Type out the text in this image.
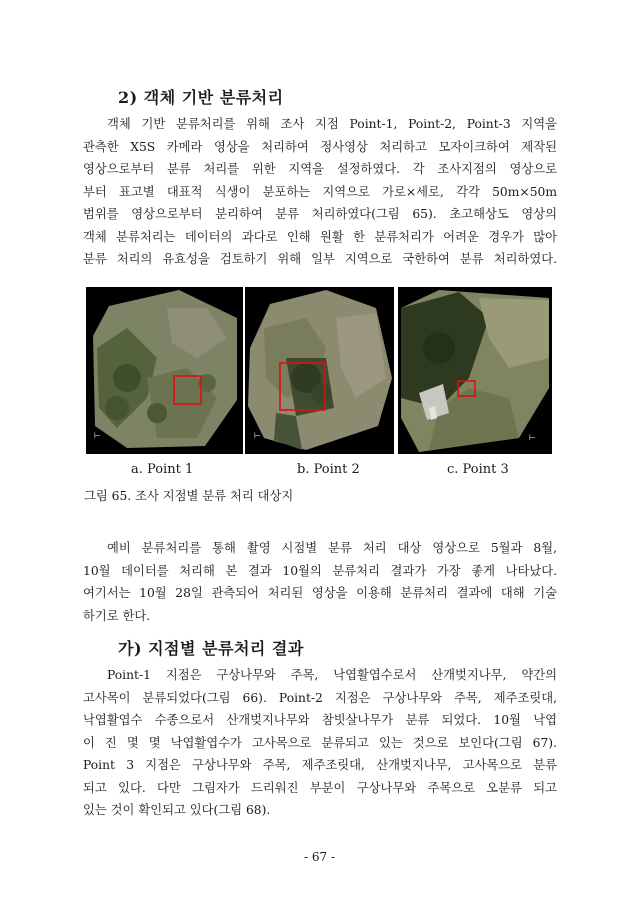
2) 객체 기반 분류처리
객체 기반 분류처리를 위해 조사 지점 Point-1, Point-2, Point-3 지역을
관측한 X5S 카메라 영상을 처리하여 정사영상 처리하고 모자이크하여 제작된
영상으로부터 분류 처리를 위한 지역을 설정하였다. 각 조사지점의 영상으로
부터 표고별 대표적 식생이 분포하는 지역으로 가로×세로, 각각 50m×50m
범위를 영상으로부터 분리하여 분류 처리하였다(그림 65). 초고해상도 영상의
객체 분류처리는 데이터의 과다로 인해 원활 한 분류처리가 어려운 경우가 많아
분류 처리의 유효성을 검토하기 위해 일부 지역으로 국한하여 분류 처리하였다.
⊢	⊢	⊢
a. Point 1	b. Point 2	c. Point 3
그림 65. 조사 지점별 분류 처리 대상지
예비 분류처리를 통해 촬영 시점별 분류 처리 대상 영상으로 5월과 8월,
10월 데이터를 처리해 본 결과 10월의 분류처리 결과가 가장 좋게 나타났다.
여기서는 10월 28일 관측되어 처리된 영상을 이용해 분류처리 결과에 대해 기술
하기로 한다.
가) 지점별 분류처리 결과
Point-1 지점은 구상나무와 주목, 낙엽활엽수로서 산개벚지나무, 약간의
고사목이 분류되었다(그림 66). Point-2 지점은 구상나무와 주목, 제주조릿대,
낙엽활엽수 수종으로서 산개벚지나무와 참빗살나무가 분류 되었다. 10월 낙엽
이 진 몇 몇 낙엽활엽수가 고사목으로 분류되고 있는 것으로 보인다(그림 67).
Point 3 지점은 구상나무와 주목, 제주조릿대, 산개벚지나무, 고사목으로 분류
되고 있다. 다만 그림자가 드리워진 부분이 구상나무와 주목으로 오분류 되고
있는 것이 확인되고 있다(그림 68).
- 67 -
